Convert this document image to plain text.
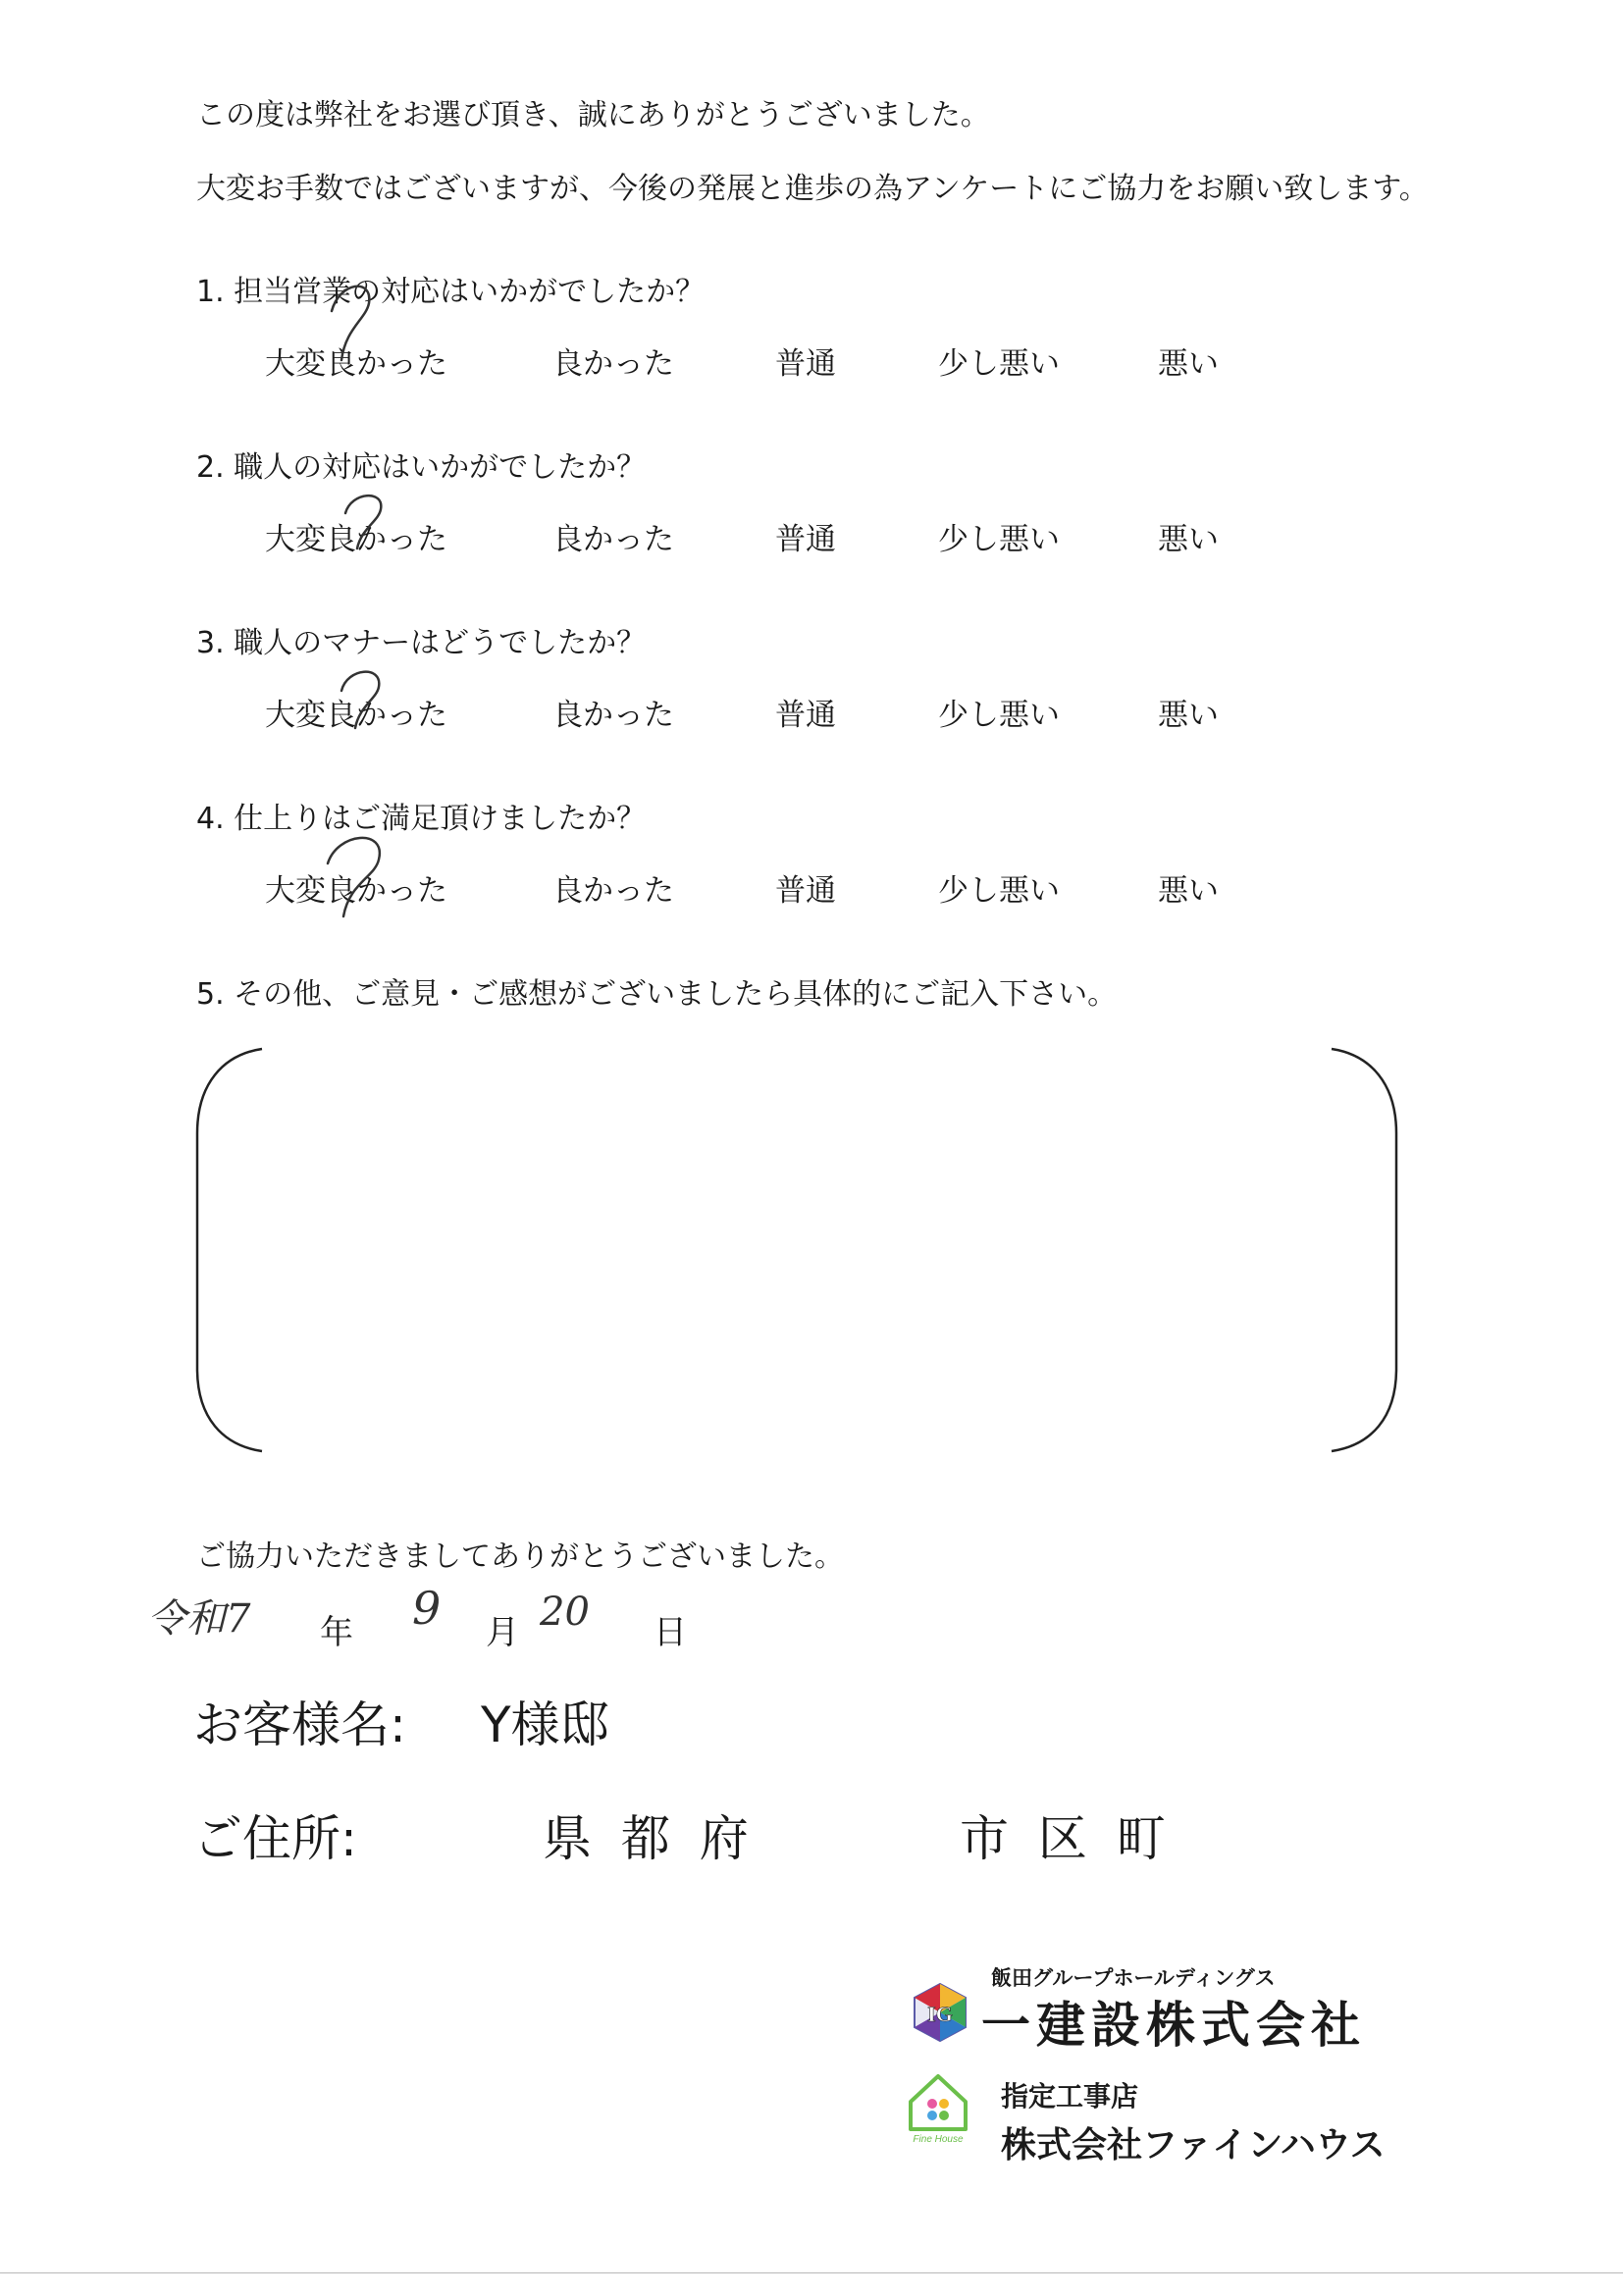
この度は弊社をお選び頂き、誠にありがとうございました。
大変お手数ではございますが、今後の発展と進歩の為アンケートにご協力をお願い致します。
1. 担当営業の対応はいかがでしたか？
大変良かった	良かった	普通	少し悪い	悪い
2. 職人の対応はいかがでしたか？
大変良かった	良かった	普通	少し悪い	悪い
3. 職人のマナーはどうでしたか？
大変良かった	良かった	普通	少し悪い	悪い
4. 仕上りはご満足頂けましたか？
大変良かった	良かった	普通	少し悪い	悪い
5. その他、ご意見・ご感想がございましたら具体的にご記入下さい。
ご協力いただきましてありがとうございました。
令和7 年 9 月 20 日
お客様名: Y様邸
ご住所:	県 都 府	市 区 町
飯田グループホールディングス
IG 一建設株式会社
Fine House
指定工事店
株式会社ファインハウス
